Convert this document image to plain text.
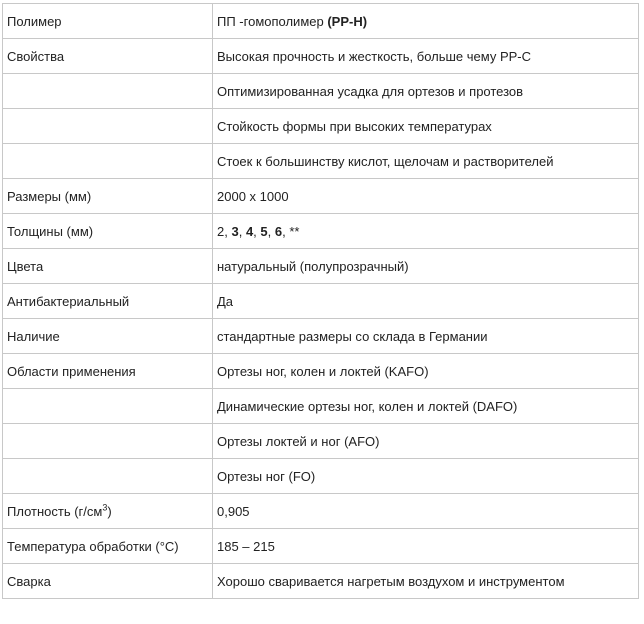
Полимер	ПП -гомополимер (PP-H)
Свойства	Высокая прочность и жесткость, больше чему PP-C
	Оптимизированная усадка для ортезов и протезов
	Стойкость формы при высоких температурах
	Стоек к большинству кислот, щелочам и растворителей
Размеры (мм)	2000 x 1000
Толщины (мм)	2, 3, 4, 5, 6, **
Цвета	натуральный (полупрозрачный)
Антибактериальный	Да
Наличие	стандартные размеры со склада в Германии
Области применения	Ортезы ног, колен и локтей (KAFO)
	Динамические ортезы ног, колен и локтей (DAFO)
	Ортезы локтей и ног (AFO)
	Ортезы ног (FO)
Плотность $(г/см^3)$	0,905
Температура обработки (°C)	185 – 215
Сварка	Хорошо сваривается нагретым воздухом и инструментом
